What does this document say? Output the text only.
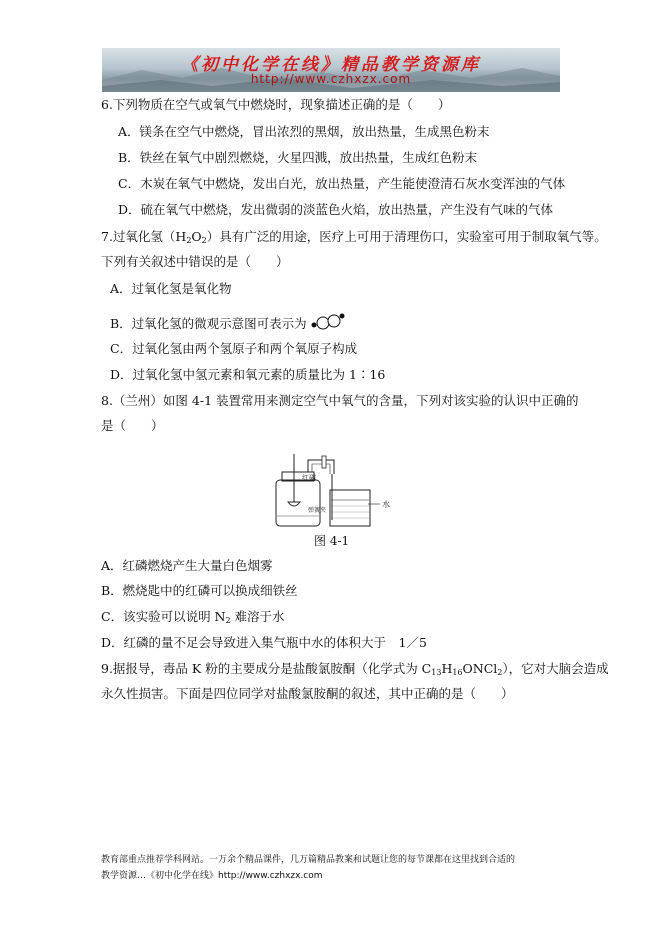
《初中化学在线》精品教学资源库
http://www.czhxzx.com
6.下列物质在空气或氧气中燃烧时，现象描述正确的是（　　）
A．镁条在空气中燃烧，冒出浓烈的黑烟，放出热量，生成黑色粉末
B．铁丝在氧气中剧烈燃烧，火星四溅，放出热量，生成红色粉末
C．木炭在氧气中燃烧，发出白光，放出热量，产生能使澄清石灰水变浑浊的气体
D．硫在氧气中燃烧，发出微弱的淡蓝色火焰，放出热量，产生没有气味的气体
7.过氧化氢$(H_2O_2)$具有广泛的用途，医疗上可用于清理伤口，实验室可用于制取氧气等。
下列有关叙述中错误的是（　　）
A．过氧化氢是氧化物
B．过氧化氢的微观示意图可表示为
C．过氧化氢由两个氢原子和两个氧原子构成
D．过氧化氢中氢元素和氧元素的质量比为 1∶16
8.（兰州）如图 4-1 装置常用来测定空气中氧气的含量，下列对该实验的认识中正确的
是（　　）
红磷
弹簧夹
水
图 4-1
A．红磷燃烧产生大量白色烟雾
B．燃烧匙中的红磷可以换成细铁丝
C．该实验可以说明 $N_2$ 难溶于水
D．红磷的量不足会导致进入集气瓶中水的体积大于　1／5
9.据报导，毒品 K 粉的主要成分是盐酸氯胺酮（化学式为 $C_{13}H_{16}ONCl_2$），它对大脑会造成
永久性损害。下面是四位同学对盐酸氯胺酮的叙述，其中正确的是（　　）
教育部重点推荐学科网站。一万余个精品课件，几万篇精品教案和试题让您的每节课都在这里找到合适的
教学资源…《初中化学在线》http://www.czhxzx.com
